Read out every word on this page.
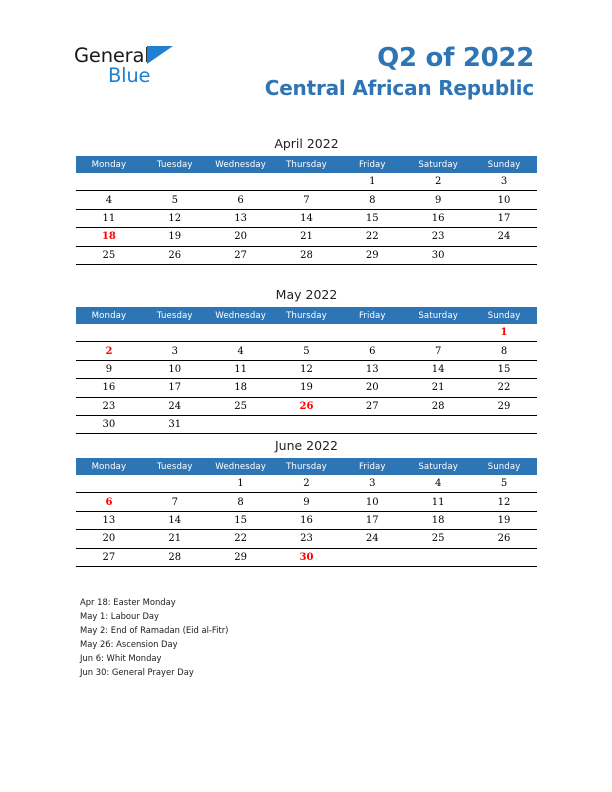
General
Blue
Q2 of 2022
Central African Republic
April 2022
Monday	Tuesday	Wednesday	Thursday	Friday	Saturday	Sunday
				1	2	3
4	5	6	7	8	9	10
11	12	13	14	15	16	17
18	19	20	21	22	23	24
25	26	27	28	29	30	
May 2022
Monday	Tuesday	Wednesday	Thursday	Friday	Saturday	Sunday
						1
2	3	4	5	6	7	8
9	10	11	12	13	14	15
16	17	18	19	20	21	22
23	24	25	26	27	28	29
30	31					
June 2022
Monday	Tuesday	Wednesday	Thursday	Friday	Saturday	Sunday
		1	2	3	4	5
6	7	8	9	10	11	12
13	14	15	16	17	18	19
20	21	22	23	24	25	26
27	28	29	30			
Apr 18: Easter Monday
May 1: Labour Day
May 2: End of Ramadan (Eid al-Fitr)
May 26: Ascension Day
Jun 6: Whit Monday
Jun 30: General Prayer Day
